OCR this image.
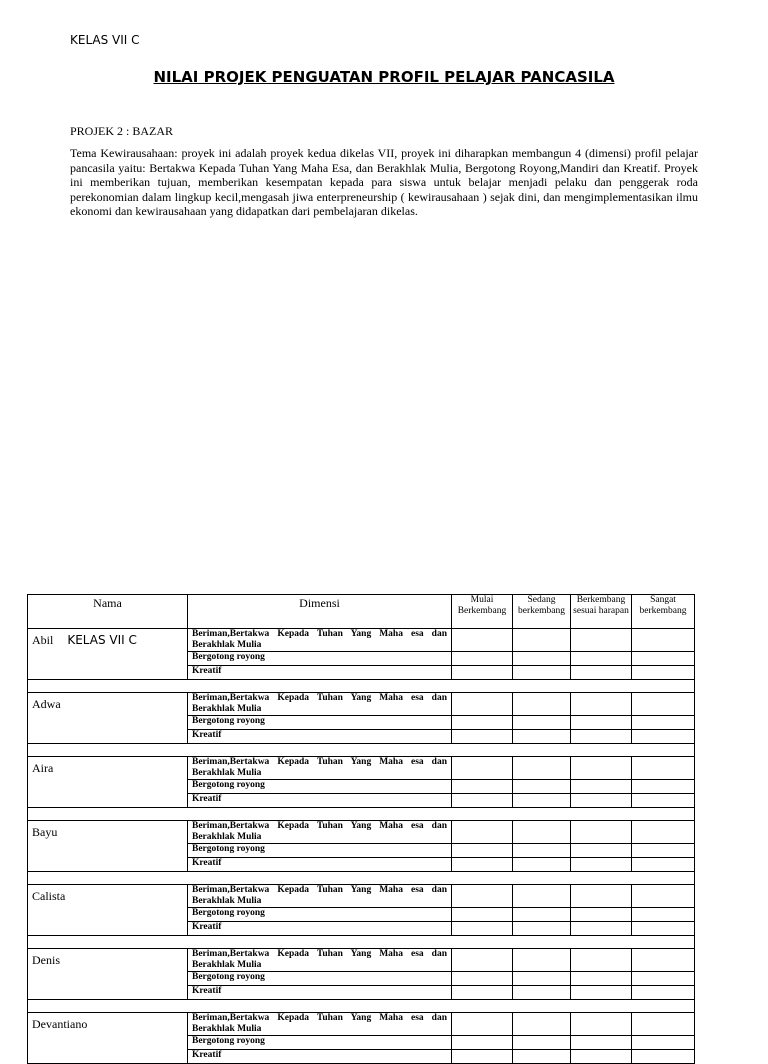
KELAS VII C
NILAI PROJEK PENGUATAN PROFIL PELAJAR PANCASILA
PROJEK 2 : BAZAR
Tema Kewirausahaan: proyek ini adalah proyek kedua dikelas VII, proyek ini diharapkan membangun 4 (dimensi) profil pelajar pancasila yaitu: Bertakwa Kepada Tuhan Yang Maha Esa, dan Berakhlak Mulia, Bergotong Royong,Mandiri dan Kreatif. Proyek ini memberikan tujuan, memberikan kesempatan kepada para siswa untuk belajar menjadi pelaku dan penggerak roda perekonomian dalam lingkup kecil,mengasah jiwa enterpreneurship ( kewirausahaan ) sejak dini, dan mengimplementasikan ilmu ekonomi dan kewirausahaan yang didapatkan dari pembelajaran dikelas.
Nama	Dimensi	Mulai Berkembang	Sedang berkembang	Berkembang sesuai harapan	Sangat berkembang
Abil KELAS VII C	Beriman,Bertakwa Kepada Tuhan Yang Maha esa dan Berakhlak Mulia				
	Bergotong royong				
	Kreatif				

Adwa	Beriman,Bertakwa Kepada Tuhan Yang Maha esa dan Berakhlak Mulia				
	Bergotong royong				
	Kreatif				

Aira	Beriman,Bertakwa Kepada Tuhan Yang Maha esa dan Berakhlak Mulia				
	Bergotong royong				
	Kreatif				

Bayu	Beriman,Bertakwa Kepada Tuhan Yang Maha esa dan Berakhlak Mulia				
	Bergotong royong				
	Kreatif				

Calista	Beriman,Bertakwa Kepada Tuhan Yang Maha esa dan Berakhlak Mulia				
	Bergotong royong				
	Kreatif				

Denis	Beriman,Bertakwa Kepada Tuhan Yang Maha esa dan Berakhlak Mulia				
	Bergotong royong				
	Kreatif				

Devantiano	Beriman,Bertakwa Kepada Tuhan Yang Maha esa dan Berakhlak Mulia				
	Bergotong royong				
	Kreatif				
